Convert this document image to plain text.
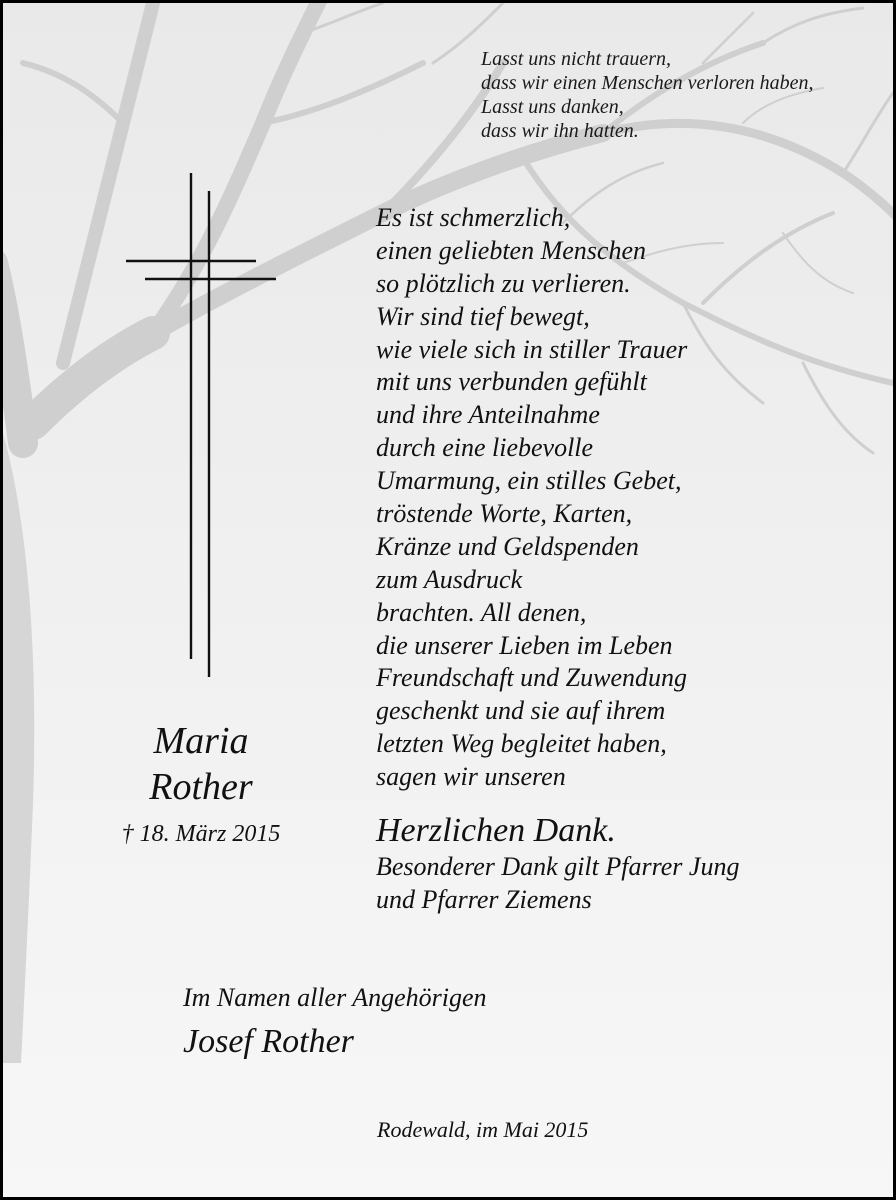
Lasst uns nicht trauern,
dass wir einen Menschen verloren haben,
Lasst uns danken,
dass wir ihn hatten.
Es ist schmerzlich,
einen geliebten Menschen
so plötzlich zu verlieren.
Wir sind tief bewegt,
wie viele sich in stiller Trauer
mit uns verbunden gefühlt
und ihre Anteilnahme
durch eine liebevolle
Umarmung, ein stilles Gebet,
tröstende Worte, Karten,
Kränze und Geldspenden
zum Ausdruck
brachten. All denen,
die unserer Lieben im Leben
Freundschaft und Zuwendung
geschenkt und sie auf ihrem
letzten Weg begleitet haben,
sagen wir unseren
Herzlichen Dank.
Besonderer Dank gilt Pfarrer Jung
und Pfarrer Ziemens
Maria
Rother
† 18. März 2015
Im Namen aller Angehörigen
Josef Rother
Rodewald, im Mai 2015
